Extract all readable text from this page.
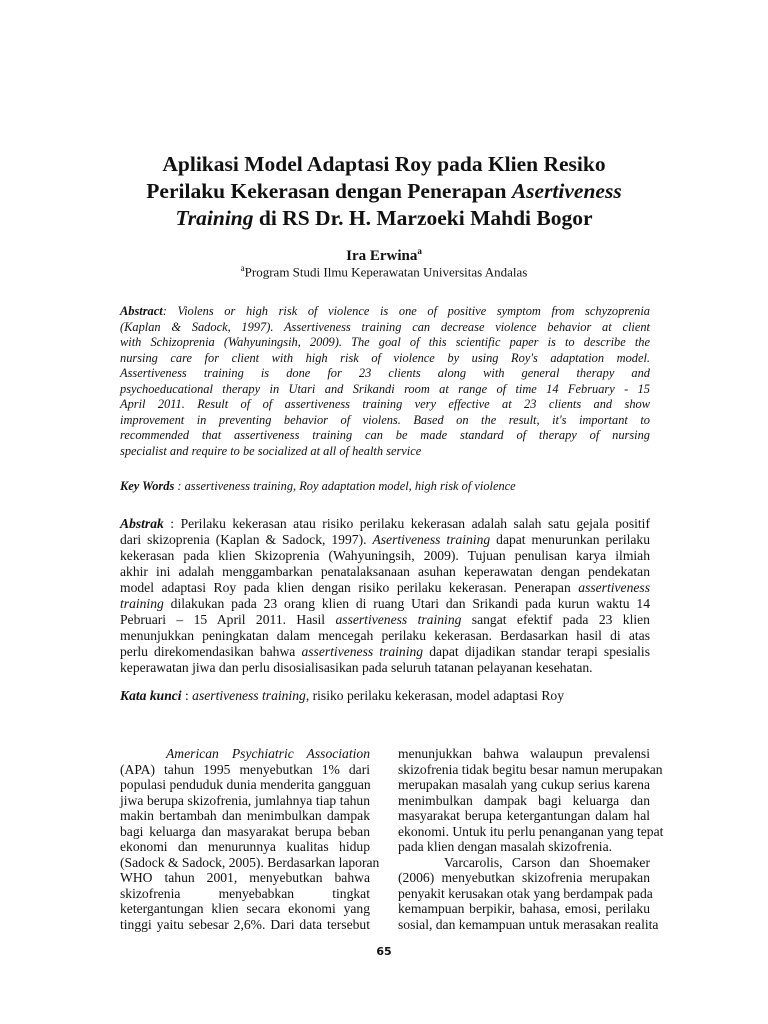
Aplikasi Model Adaptasi Roy pada Klien Resiko
Perilaku Kekerasan dengan Penerapan Asertiveness
Training di RS Dr. H. Marzoeki Mahdi Bogor
Ira Erwina$^a$
$^a$Program Studi Ilmu Keperawatan Universitas Andalas
Abstract: Violens or high risk of violence is one of positive symptom from schyzoprenia
(Kaplan & Sadock, 1997). Assertiveness training can decrease violence behavior at client
with Schizoprenia (Wahyuningsih, 2009). The goal of this scientific paper is to describe the
nursing care for client with high risk of violence by using Roy's adaptation model.
Assertiveness training is done for 23 clients along with general therapy and
psychoeducational therapy in Utari and Srikandi room at range of time 14 February - 15
April 2011. Result of of assertiveness training very effective at 23 clients and show
improvement in preventing behavior of violens. Based on the result, it's important to
recommended that assertiveness training can be made standard of therapy of nursing
specialist and require to be socialized at all of health service
Key Words : assertiveness training, Roy adaptation model, high risk of violence
Abstrak : Perilaku kekerasan atau risiko perilaku kekerasan adalah salah satu gejala positif
dari skizoprenia (Kaplan & Sadock, 1997). Asertiveness training dapat menurunkan perilaku
kekerasan pada klien Skizoprenia (Wahyuningsih, 2009). Tujuan penulisan karya ilmiah
akhir ini adalah menggambarkan penatalaksanaan asuhan keperawatan dengan pendekatan
model adaptasi Roy pada klien dengan risiko perilaku kekerasan. Penerapan assertiveness
training dilakukan pada 23 orang klien di ruang Utari dan Srikandi pada kurun waktu 14
Pebruari – 15 April 2011. Hasil assertiveness training sangat efektif pada 23 klien
menunjukkan peningkatan dalam mencegah perilaku kekerasan. Berdasarkan hasil di atas
perlu direkomendasikan bahwa assertiveness training dapat dijadikan standar terapi spesialis
keperawatan jiwa dan perlu disosialisasikan pada seluruh tatanan pelayanan kesehatan.
Kata kunci : asertiveness training, risiko perilaku kekerasan, model adaptasi Roy
American Psychiatric Association
(APA) tahun 1995 menyebutkan 1% dari
populasi penduduk dunia menderita gangguan
jiwa berupa skizofrenia, jumlahnya tiap tahun
makin bertambah dan menimbulkan dampak
bagi keluarga dan masyarakat berupa beban
ekonomi dan menurunnya kualitas hidup
(Sadock & Sadock, 2005). Berdasarkan laporan
WHO tahun 2001, menyebutkan bahwa
skizofrenia menyebabkan tingkat
ketergantungan klien secara ekonomi yang
tinggi yaitu sebesar 2,6%. Dari data tersebut
menunjukkan bahwa walaupun prevalensi
skizofrenia tidak begitu besar namun merupakan
merupakan masalah yang cukup serius karena
menimbulkan dampak bagi keluarga dan
masyarakat berupa ketergantungan dalam hal
ekonomi. Untuk itu perlu penanganan yang tepat
pada klien dengan masalah skizofrenia.
Varcarolis, Carson dan Shoemaker
(2006) menyebutkan skizofrenia merupakan
penyakit kerusakan otak yang berdampak pada
kemampuan berpikir, bahasa, emosi, perilaku
sosial, dan kemampuan untuk merasakan realita
65
